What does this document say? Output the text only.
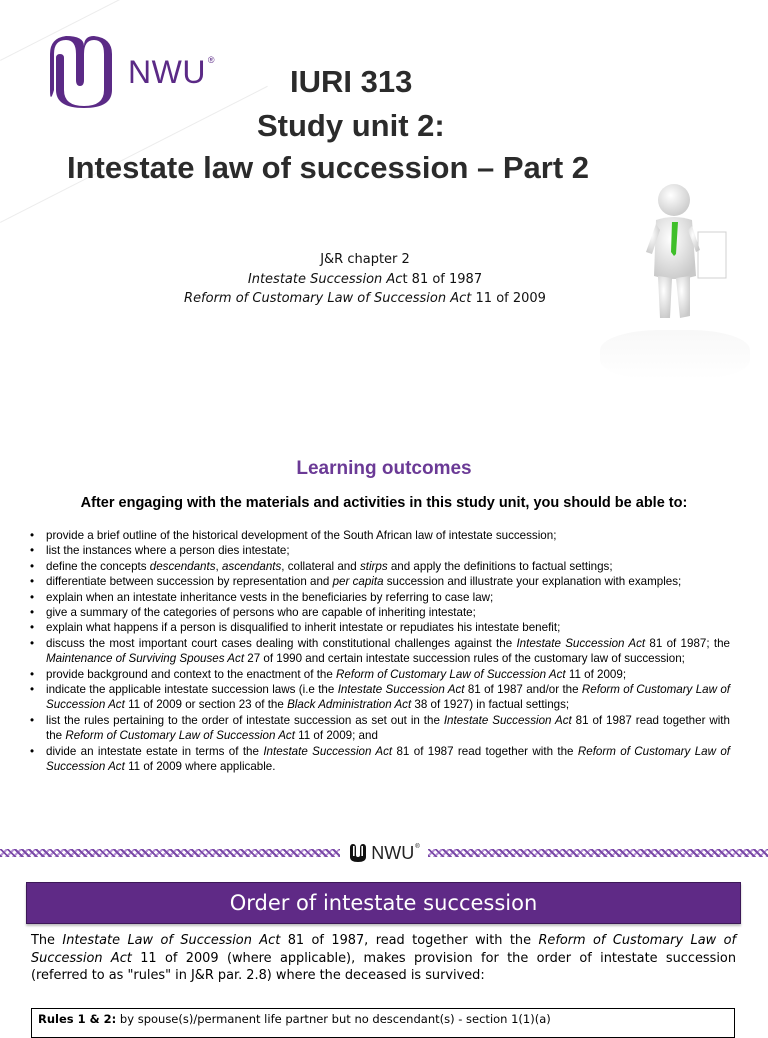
NWU ®
IURI 313
Study unit 2:
Intestate law of succession – Part 2
J&R chapter 2
Intestate Succession Act 81 of 1987
Reform of Customary Law of Succession Act 11 of 2009
Learning outcomes
After engaging with the materials and activities in this study unit, you should be able to:
• provide a brief outline of the historical development of the South African law of intestate succession;
• list the instances where a person dies intestate;
• define the concepts descendants, ascendants, collateral and stirps and apply the definitions to factual settings;
• differentiate between succession by representation and per capita succession and illustrate your explanation with examples;
• explain when an intestate inheritance vests in the beneficiaries by referring to case law;
• give a summary of the categories of persons who are capable of inheriting intestate;
• explain what happens if a person is disqualified to inherit intestate or repudiates his intestate benefit;
• discuss the most important court cases dealing with constitutional challenges against the Intestate Succession Act 81 of 1987; the Maintenance of Surviving Spouses Act 27 of 1990 and certain intestate succession rules of the customary law of succession;
• provide background and context to the enactment of the Reform of Customary Law of Succession Act 11 of 2009;
• indicate the applicable intestate succession laws (i.e the Intestate Succession Act 81 of 1987 and/or the Reform of Customary Law of Succession Act 11 of 2009 or section 23 of the Black Administration Act 38 of 1927) in factual settings;
• list the rules pertaining to the order of intestate succession as set out in the Intestate Succession Act 81 of 1987 read together with the Reform of Customary Law of Succession Act 11 of 2009; and
• divide an intestate estate in terms of the Intestate Succession Act 81 of 1987 read together with the Reform of Customary Law of Succession Act 11 of 2009 where applicable.
NWU ®
Order of intestate succession
The Intestate Law of Succession Act 81 of 1987, read together with the Reform of Customary Law of Succession Act 11 of 2009 (where applicable), makes provision for the order of intestate succession (referred to as "rules" in J&R par. 2.8) where the deceased is survived:
Rules 1 & 2: by spouse(s)/permanent life partner but no descendant(s) - section 1(1)(a)
